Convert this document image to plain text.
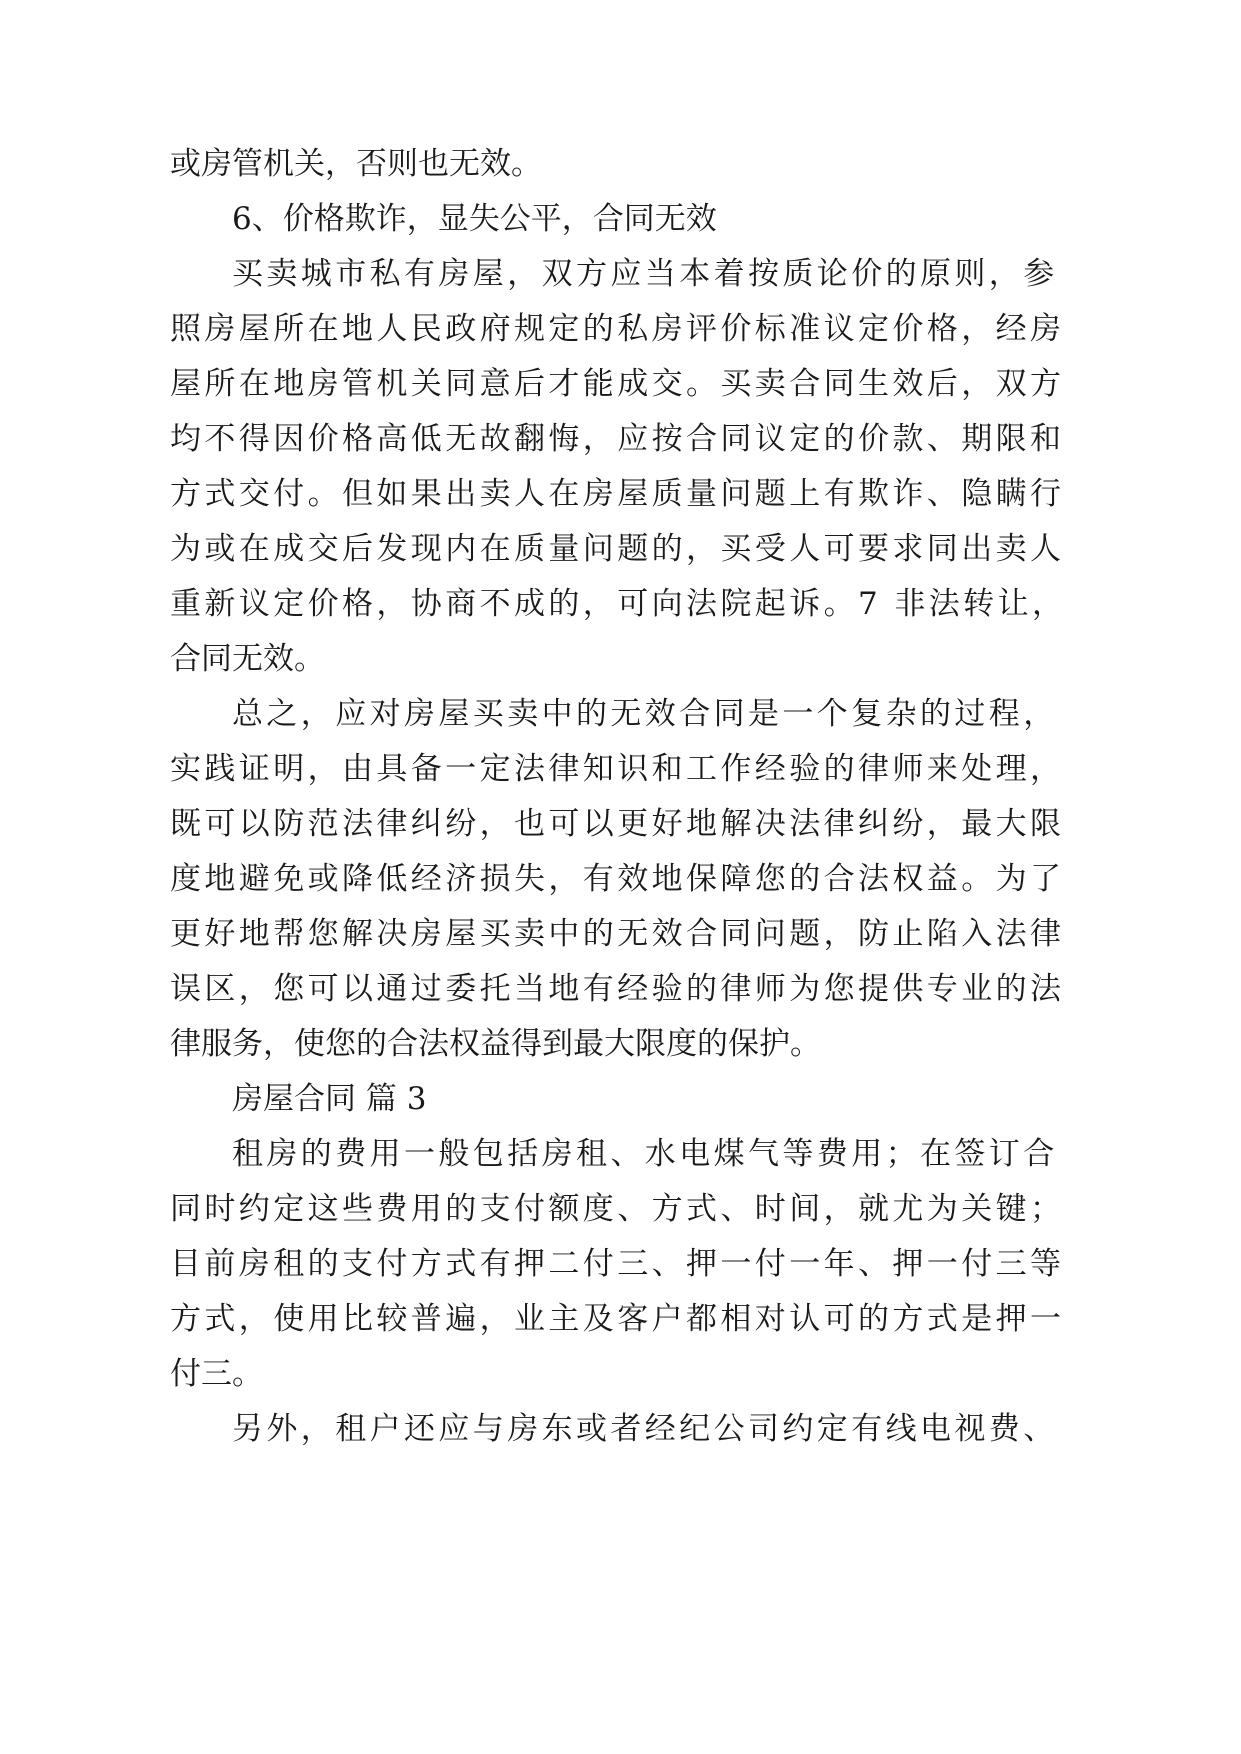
或房管机关，否则也无效。

6、价格欺诈，显失公平，合同无效

买卖城市私有房屋，双方应当本着按质论价的原则，参

照房屋所在地人民政府规定的私房评价标准议定价格，经房

屋所在地房管机关同意后才能成交。买卖合同生效后，双方

均不得因价格高低无故翻悔，应按合同议定的价款、期限和

方式交付。但如果出卖人在房屋质量问题上有欺诈、隐瞒行

为或在成交后发现内在质量问题的，买受人可要求同出卖人

重新议定价格，协商不成的，可向法院起诉。7 非法转让，

合同无效。

总之，应对房屋买卖中的无效合同是一个复杂的过程，

实践证明，由具备一定法律知识和工作经验的律师来处理，

既可以防范法律纠纷，也可以更好地解决法律纠纷，最大限

度地避免或降低经济损失，有效地保障您的合法权益。为了

更好地帮您解决房屋买卖中的无效合同问题，防止陷入法律

误区，您可以通过委托当地有经验的律师为您提供专业的法

律服务，使您的合法权益得到最大限度的保护。

房屋合同 篇 3

租房的费用一般包括房租、水电煤气等费用；在签订合

同时约定这些费用的支付额度、方式、时间，就尤为关键；

目前房租的支付方式有押二付三、押一付一年、押一付三等

方式，使用比较普遍，业主及客户都相对认可的方式是押一

付三。

另外，租户还应与房东或者经纪公司约定有线电视费、
